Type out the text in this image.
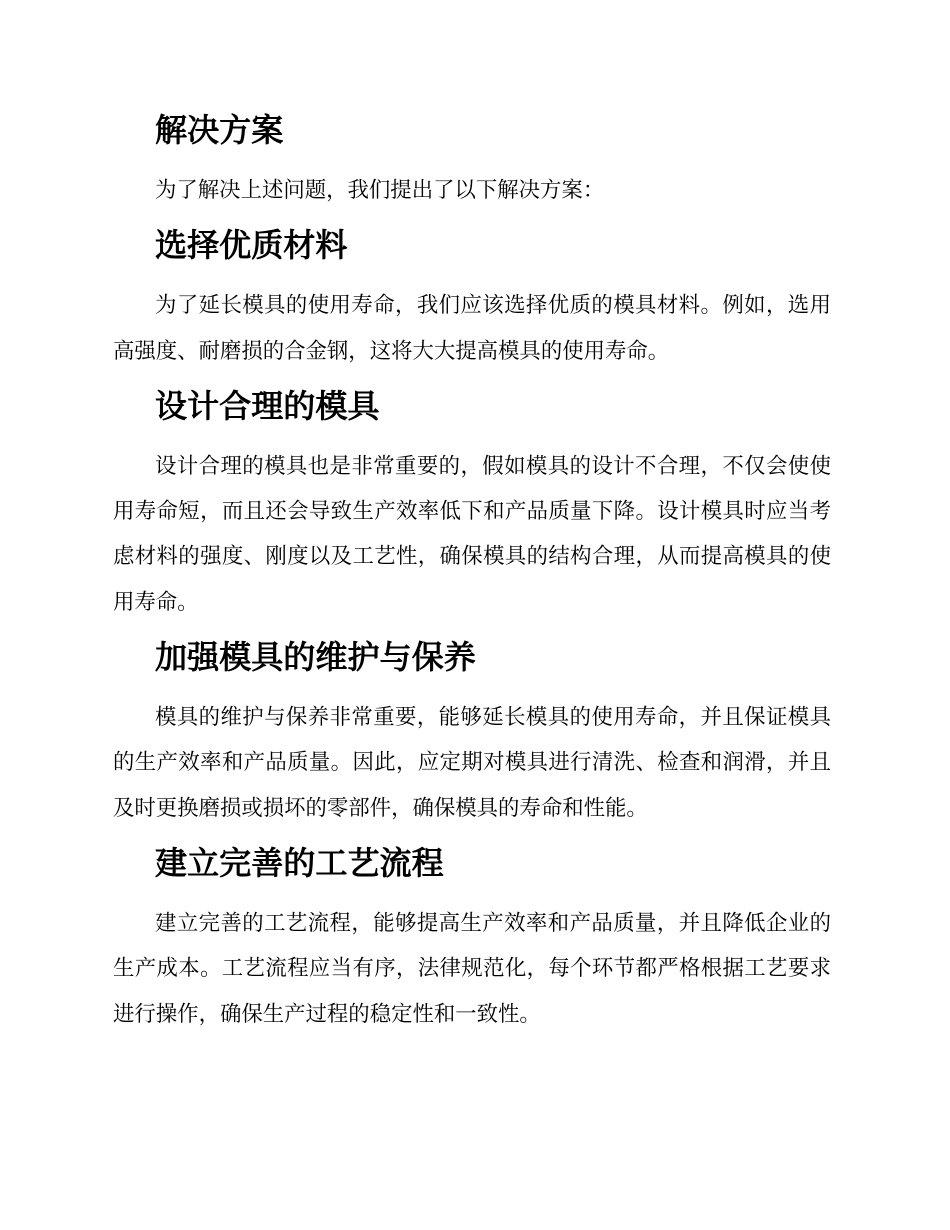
解决方案

为了解决上述问题，我们提出了以下解决方案：

选择优质材料

为了延长模具的使用寿命，我们应该选择优质的模具材料。例如，选用高强度、耐磨损的合金钢，这将大大提高模具的使用寿命。

设计合理的模具

设计合理的模具也是非常重要的，假如模具的设计不合理，不仅会使使用寿命短，而且还会导致生产效率低下和产品质量下降。设计模具时应当考虑材料的强度、刚度以及工艺性，确保模具的结构合理，从而提高模具的使用寿命。

加强模具的维护与保养

模具的维护与保养非常重要，能够延长模具的使用寿命，并且保证模具的生产效率和产品质量。因此，应定期对模具进行清洗、检查和润滑，并且及时更换磨损或损坏的零部件，确保模具的寿命和性能。

建立完善的工艺流程

建立完善的工艺流程，能够提高生产效率和产品质量，并且降低企业的生产成本。工艺流程应当有序，法律规范化，每个环节都严格根据工艺要求进行操作，确保生产过程的稳定性和一致性。
